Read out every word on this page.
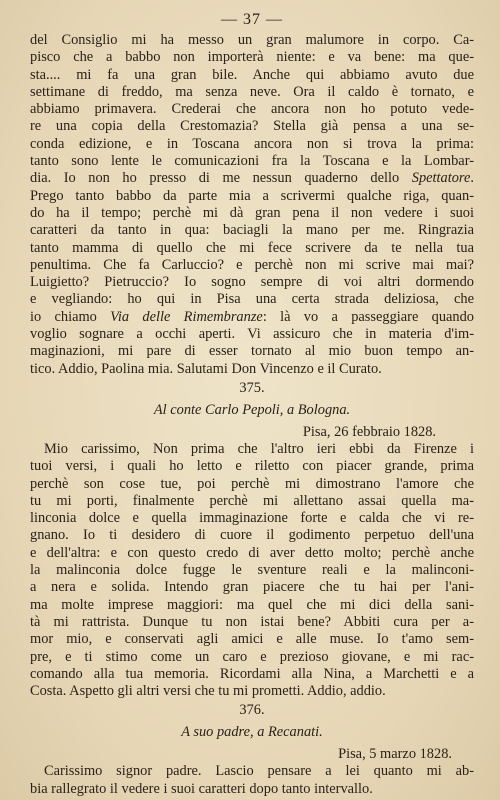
— 37 —
del Consiglio mi ha messo un gran malumore in corpo. Ca-
pisco che a babbo non importerà niente: e va bene: ma que-
sta.... mi fa una gran bile. Anche qui abbiamo avuto due
settimane di freddo, ma senza neve. Ora il caldo è tornato, e
abbiamo primavera. Crederai che ancora non ho potuto vede-
re una copia della Crestomazia? Stella già pensa a una se-
conda edizione, e in Toscana ancora non si trova la prima:
tanto sono lente le comunicazioni fra la Toscana e la Lombar-
dia. Io non ho presso di me nessun quaderno dello Spettatore.
Prego tanto babbo da parte mia a scrivermi qualche riga, quan-
do ha il tempo; perchè mi dà gran pena il non vedere i suoi
caratteri da tanto in qua: baciagli la mano per me. Ringrazia
tanto mamma di quello che mi fece scrivere da te nella tua
penultima. Che fa Carluccio? e perchè non mi scrive mai mai?
Luigietto? Pietruccio? Io sogno sempre di voi altri dormendo
e vegliando: ho qui in Pisa una certa strada deliziosa, che
io chiamo Via delle Rimembranze: là vo a passeggiare quando
voglio sognare a occhi aperti. Vi assicuro che in materia d'im-
maginazioni, mi pare di esser tornato al mio buon tempo an-
tico. Addio, Paolina mia. Salutami Don Vincenzo e il Curato.
375.
Al conte Carlo Pepoli, a Bologna.
Pisa, 26 febbraio 1828.
Mio carissimo, Non prima che l'altro ieri ebbi da Firenze i
tuoi versi, i quali ho letto e riletto con piacer grande, prima
perchè son cose tue, poi perchè mi dimostrano l'amore che
tu mi porti, finalmente perchè mi allettano assai quella ma-
linconia dolce e quella immaginazione forte e calda che vi re-
gnano. Io ti desidero di cuore il godimento perpetuo dell'una
e dell'altra: e con questo credo di aver detto molto; perchè anche
la malinconia dolce fugge le sventure reali e la malinconi-
a nera e solida. Intendo gran piacere che tu hai per l'ani-
ma molte imprese maggiori: ma quel che mi dici della sani-
tà mi rattrista. Dunque tu non istai bene? Abbiti cura per a-
mor mio, e conservati agli amici e alle muse. Io t'amo sem-
pre, e ti stimo come un caro e prezioso giovane, e mi rac-
comando alla tua memoria. Ricordami alla Nina, a Marchetti e a
Costa. Aspetto gli altri versi che tu mi prometti. Addio, addio.
376.
A suo padre, a Recanati.
Pisa, 5 marzo 1828.
Carissimo signor padre. Lascio pensare a lei quanto mi ab-
bia rallegrato il vedere i suoi caratteri dopo tanto intervallo.
